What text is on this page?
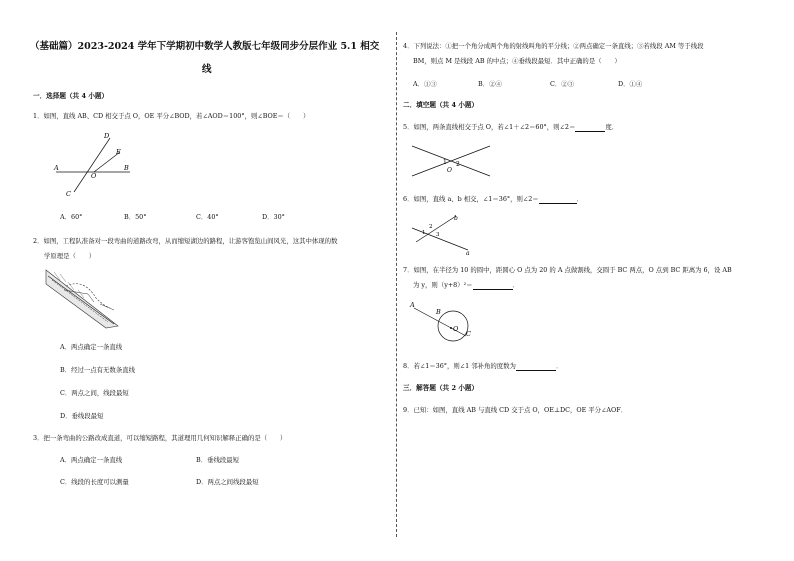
（基础篇）2023-2024 学年下学期初中数学人教版七年级同步分层作业 5.1 相交
线
一．选择题（共 4 小题）
1．如图，直线 AB、CD 相交于点 O，OE 平分∠BOD，若∠AOD＝100°，则∠BOE＝（　　）
A	B
C
D
E
O
A．60°	B．50°	C．40°	D．30°
2．如图，工程队准备对一段弯曲的道路改弯，从而缩短湖边的路程，让游客饱览山间风光，这其中体现的数
学原理是（　　）
A．两点确定一条直线
B．经过一点有无数条直线
C．两点之间，线段最短
D．垂线段最短
3．把一条弯曲的公路改成直道，可以缩短路程，其道理用几何知识解释正确的是（　　）
A．两点确定一条直线	B．垂线段最短
C．线段的长度可以测量	D．两点之间线段最短
4．下列说法：①把一个角分成两个角的射线叫角的平分线；②两点确定一条直线；③若线段 AM 等于线段
BM，则点 M 是线段 AB 的中点；④垂线段最短．其中正确的是（　　）
A．①③	B．②④	C．②③	D．①④
二．填空题（共 4 小题）
5．如图，两条直线相交于点 O，若∠1＋∠2＝60°，则∠2＝	度．
1 2
O
6．如图，直线 a、b 相交，∠1＝36°，则∠2＝	．
1
2
3
a
b
7．如图，在半径为 10 的圆中，距圆心 O 点为 20 的 A 点做割线，交圆于 BC 两点，O 点到 BC 距离为 6，设 AB
为 y，则（y+8）²＝	．
A
B
C
O
8．若∠1＝36°，则∠1 邻补角的度数为	．
三．解答题（共 2 小题）
9．已知：如图，直线 AB 与直线 CD 交于点 O，OE⊥DC，OE 平分∠AOF．
